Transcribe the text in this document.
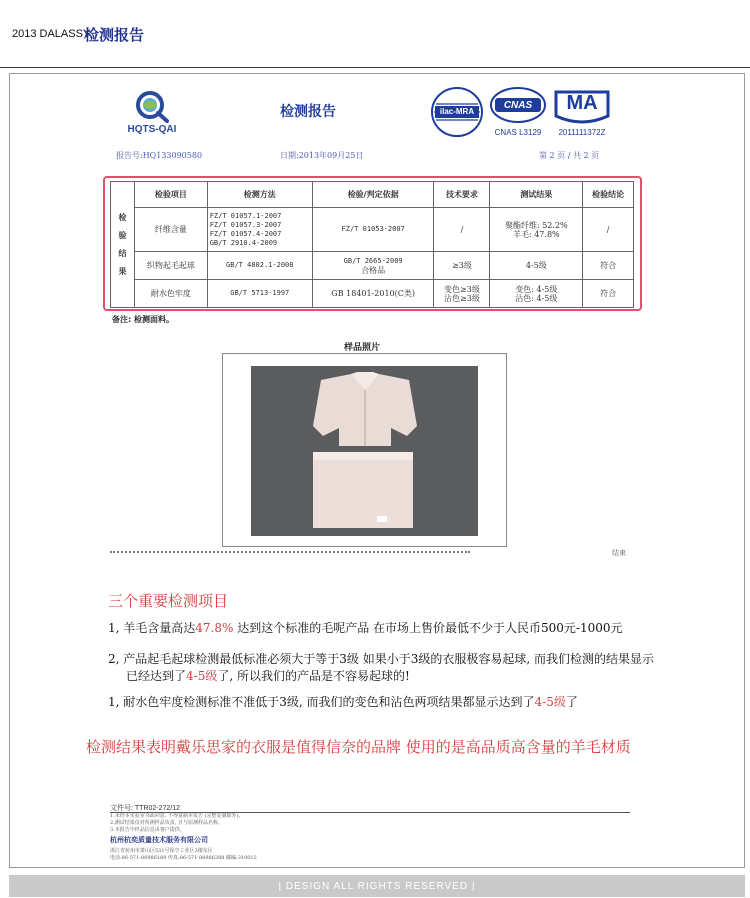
2013 DALASSY
检测报告
HQTS-QAI
检测报告	ilac-MRA
CNAS
CNAS L3129
MA
2011111372Z
报告号:HQ133090580	日期:2013年09月25日	第 2 页 / 共 2 页
检
验
结
果	检验项目	检测方法	检验/判定依据	技术要求	测试结果	检验结论
	纤维含量	FZ/T 01057.1-2007
FZ/T 01057.3-2007
FZ/T 01057.4-2007
GB/T 2910.4-2009	FZ/T 01053-2007	/	聚酯纤维: 52.2%
羊毛: 47.8%	/
	织物起毛起球	GB/T 4802.1-2008	GB/T 2665-2009
合格品	≥3级	4-5级	符合
	耐水色牢度	GB/T 5713-1997	GB 18401-2010(C类)	变色≥3级
沾色≥3级	变色: 4-5级
沾色: 4-5级	符合
备注: 检测面料。
样品照片
结束
三个重要检测项目
1, 羊毛含量高达47.8% 达到这个标准的毛呢产品 在市场上售价最低不少于人民币500元-1000元
2, 产品起毛起球检测最低标准必须大于等于3级 如果小于3级的衣服极容易起球, 而我们检测的结果显示
已经达到了4-5级了, 所以我们的产品是不容易起球的!
1, 耐水色牢度检测标准不准低于3级, 而我们的变色和沾色两项结果都显示达到了4-5级了
检测结果表明戴乐思家的衣服是值得信奈的品牌 使用的是高品质高含量的羊毛材质
文件号: TTR02-272/12
1.未经本实验室书面同意, 不得复制本报告 (完整复制除外)。
2.测试结果仅对所测样品负责, 且与原测样品名称。
3.本报告中样品信息由客户提供。
杭州杭奕质量技术服务有限公司
浙江省杭州市萧山区531号保亨工业区3楼东区
电话:86-571-88986188 传真:86-571-88986288 邮编:310012
| DESIGN ALL RIGHTS RESERVED |
